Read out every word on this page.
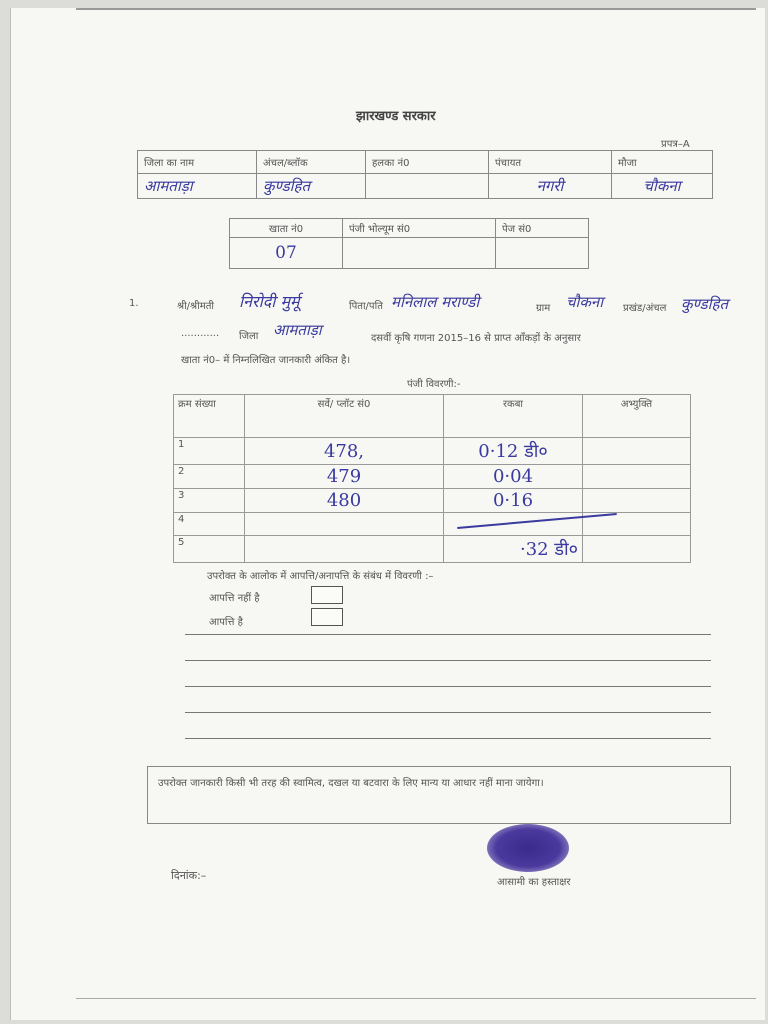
झारखण्ड सरकार
प्रपत्र–A
जिला का नाम	अंचल/ब्लॉक	हलका नं0	पंचायत	मौजा
आमताड़ा	कुण्डहित		नगरी	चौकना
खाता नं0	पंजी भोल्यूम सं0	पेज सं0
07		
1.	श्री/श्रीमती निरोदी मुर्मू	पिता/पति मनिलाल मराण्डी	ग्राम चौकना प्रखंड/अंचल कुण्डहित
............ जिला आमताड़ा	दसवीं कृषि गणना 2015–16 से प्राप्त आँकड़ों के अनुसार
खाता नं0– में निम्नलिखित जानकारी अंकित है।
पंजी विवरणी:-
क्रम संख्या	सर्वे/ प्लॉट सं0	रकबा	अभ्युक्ति
1	478,	0·12 डी०	
2	479	0·04	
3	480	0·16	
4			
5		·32 डी०	
उपरोक्त के आलोक में आपत्ति/अनापत्ति के संबंध में विवरणी :–
आपत्ति नहीं है
आपत्ति है
उपरोक्त जानकारी किसी भी तरह की स्वामित्व, दखल या बटवारा के लिए मान्य या आधार नहीं माना जायेगा।
दिनांक:–
आसामी का हस्ताक्षर
